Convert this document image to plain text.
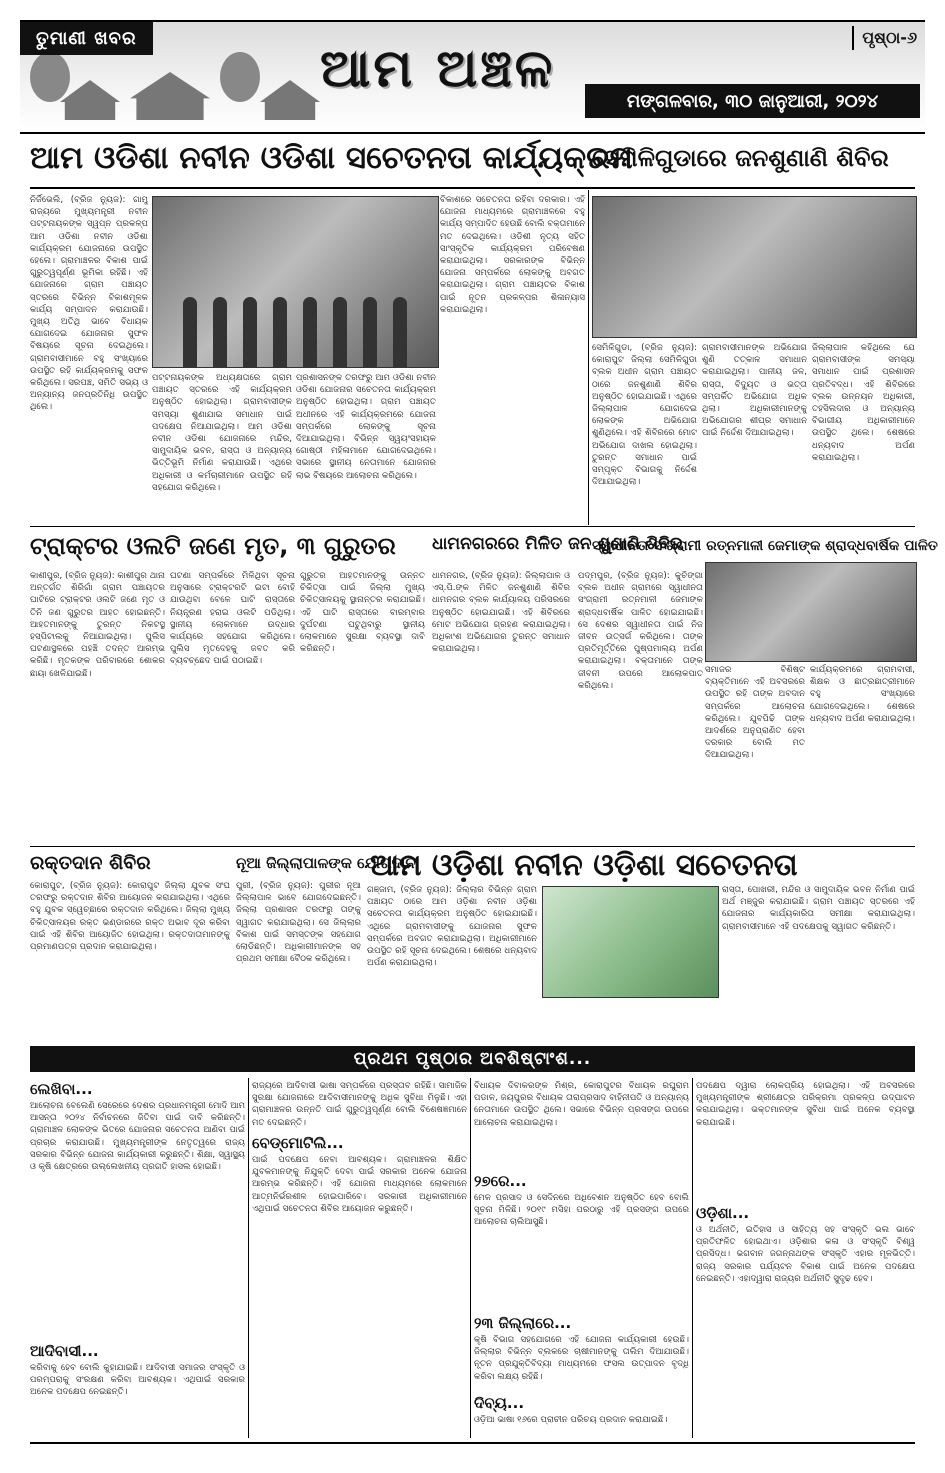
ତୁମାଣୀ ଖବର	ପୃଷ୍ଠା-୬
ଆମ ଅଞ୍ଚଳ
ମଙ୍ଗଳବାର, ୩୦ ଜାନୁଆରୀ, ୨୦୨୪
ଆମ ଓଡିଶା ନବୀନ ଓଡିଶା ସଚେତନତା କାର୍ଯ୍ୟକ୍ରମ
ସେମିଳିଗୁଡାରେ ଜନଶୁଣାଣି ଶିବିର
ନିର୍ଜିଭେଲି, (ବ୍ରିଜ ନ୍ୟୁଜ): ଗାମୁ ରାଜ୍ୟରେ ମୁଖ୍ୟମନ୍ତ୍ରୀ ନବୀନ ପଟ୍ଟନାୟକଙ୍କ ସ୍ୱପ୍ନ ପ୍ରକଳ୍ପ ଆମ ଓଡିଶା ନବୀନ ଓଡିଶା କାର୍ଯ୍ୟକ୍ରମ ଯୋଜନାରେ ଉପସ୍ଥିତ ହେଲେ। ଗ୍ରାମାଞ୍ଚଳର ବିକାଶ ପାଇଁ ଗୁରୁତ୍ୱପୂର୍ଣ୍ଣ ଭୂମିକା ରହିଛି। ଏହି ଯୋଜନାରେ ଗ୍ରାମ ପଞ୍ଚାୟତ ସ୍ତରରେ ବିଭିନ୍ନ ବିକାଶମୂଳକ କାର୍ଯ୍ୟ ସମ୍ପାଦନ କରାଯାଉଛି। ମୁଖ୍ୟ ଅତିଥି ଭାବେ ବିଧାୟକ ଯୋଗଦେଇ ଯୋଜନାର ସୁଫଳ ବିଷୟରେ ସୂଚନା ଦେଇଥିଲେ। ଗ୍ରାମବାସୀମାନେ ବହୁ ସଂଖ୍ୟାରେ ଉପସ୍ଥିତ ରହି କାର୍ଯ୍ୟକ୍ରମକୁ ସଫଳ କରିଥିଲେ। ସରପଞ୍ଚ, ସମିତି ସଭ୍ୟ ଓ ଅନ୍ୟାନ୍ୟ ଜନପ୍ରତିନିଧି ଉପସ୍ଥିତ ଥିଲେ।
ବିକାଶରେ ସଚେତନତା ରହିବା ଦରକାର। ଏହି ଯୋଜନା ମାଧ୍ୟମରେ ଗ୍ରାମାଞ୍ଚଳରେ ବହୁ କାର୍ଯ୍ୟ ସମ୍ପାଦିତ ହେଉଛି ବୋଲି ବକ୍ତାମାନେ ମତ ଦେଇଥିଲେ। ଓଡିଶୀ ନୃତ୍ୟ ସହିତ ସାଂସ୍କୃତିକ କାର୍ଯ୍ୟକ୍ରମ ପରିବେଷଣ କରାଯାଇଥିଲା। ସରକାରଙ୍କ ବିଭିନ୍ନ ଯୋଜନା ସମ୍ପର୍କରେ ଲୋକଙ୍କୁ ଅବଗତ କରାଯାଇଥିଲା। ଗ୍ରାମ ପଞ୍ଚାୟତର ବିକାଶ ପାଇଁ ନୂତନ ପ୍ରକଳ୍ପର ଶିଳାନ୍ୟାସ କରାଯାଇଥିଲା।
ପଟ୍ଟନାୟକଙ୍କ ଅଧ୍ୟକ୍ଷତାରେ ଗ୍ରାମ ପଞ୍ଚାୟତ ସ୍ତରରେ ଏହି କାର୍ଯ୍ୟକ୍ରମ ଅନୁଷ୍ଠିତ ହୋଇଥିଲା। ଗ୍ରାମବାସୀଙ୍କ ସମସ୍ୟା ଶୁଣାଯାଇ ସମାଧାନ ପାଇଁ ପଦକ୍ଷେପ ନିଆଯାଇଥିଲା। ଆମ ଓଡିଶା ନବୀନ ଓଡିଶା ଯୋଜନାରେ ମନ୍ଦିର, ସାମୁଦାୟିକ ଭବନ, ରାସ୍ତା ଓ ଅନ୍ୟାନ୍ୟ ଭିତ୍ତିଭୂମି ନିର୍ମାଣ କରାଯାଉଛି। ଏଥିରେ ଅଧିକାରୀ ଓ କର୍ମଚାରୀମାନେ ଉପସ୍ଥିତ ରହି ସହଯୋଗ କରିଥିଲେ।
ପ୍ରଶାସନଙ୍କ ତରଫରୁ ଆମ ଓଡିଶା ନବୀନ ଓଡିଶା ଯୋଜନାର ସଚେତନତା କାର୍ଯ୍ୟକ୍ରମ ଅନୁଷ୍ଠିତ ହୋଇଥିଲା। ଗ୍ରାମ ପଞ୍ଚାୟତ ଅଧୀନରେ ଏହି କାର୍ଯ୍ୟକ୍ରମରେ ଯୋଜନା ସମ୍ପର୍କରେ ଲୋକଙ୍କୁ ସୂଚନା ଦିଆଯାଇଥିଲା। ବିଭିନ୍ନ ସ୍ୱୟଂସହାୟକ ଗୋଷ୍ଠୀ ମହିଳାମାନେ ଯୋଗଦେଇଥିଲେ। ସଭାରେ ସ୍ଥାନୀୟ ନେତାମାନେ ଯୋଜନାର ଲାଭ ବିଷୟରେ ଆଲୋଚନା କରିଥିଲେ।
ସେମିଳିଗୁଡା, (ବ୍ରିଜ ନ୍ୟୁଜ): କୋରାପୁଟ ଜିଲ୍ଲା ସେମିଳିଗୁଡା ବ୍ଲକ ଅଧୀନ ଗ୍ରାମ ପଞ୍ଚାୟତ ଠାରେ ଜନଶୁଣାଣି ଶିବିର ଅନୁଷ୍ଠିତ ହୋଇଯାଇଛି। ଏଥିରେ ଜିଲ୍ଲାପାଳ ଯୋଗଦେଇ ଲୋକଙ୍କ ଅଭିଯୋଗ ଶୁଣିଥିଲେ। ଏହି ଶିବିରରେ ମୋଟ ଅଭିଯୋଗ ଦାଖଲ ହୋଇଥିଲା। ତୁରନ୍ତ ସମାଧାନ ପାଇଁ ସମ୍ପୃକ୍ତ ବିଭାଗକୁ ନିର୍ଦ୍ଦେଶ ଦିଆଯାଇଥିଲା।
ଗ୍ରାମବାସୀମାନଙ୍କ ଅଭିଯୋଗ ଶୁଣି ତତ୍କାଳ ସମାଧାନ କରାଯାଇଥିଲା। ପାନୀୟ ଜଳ, ରାସ୍ତା, ବିଦ୍ୟୁତ ଓ ଭତ୍ତା ସମ୍ପର୍କିତ ଅଭିଯୋଗ ଅଧିକ ଥିଲା। ଅଧିକାରୀମାନଙ୍କୁ ଅଭିଯୋଗର ଶୀଘ୍ର ସମାଧାନ ପାଇଁ ନିର୍ଦ୍ଦେଶ ଦିଆଯାଇଥିଲା।
ଜିଲ୍ଲାପାଳ କହିଥିଲେ ଯେ ଗ୍ରାମବାସୀଙ୍କ ସମସ୍ୟା ସମାଧାନ ପାଇଁ ପ୍ରଶାସନ ପ୍ରତିବଦ୍ଧ। ଏହି ଶିବିରରେ ବ୍ଲକ ଉନ୍ନୟନ ଅଧିକାରୀ, ତହସିଲଦାର ଓ ଅନ୍ୟାନ୍ୟ ବିଭାଗୀୟ ଅଧିକାରୀମାନେ ଉପସ୍ଥିତ ଥିଲେ। ଶେଷରେ ଧନ୍ୟବାଦ ଅର୍ପଣ କରାଯାଇଥିଲା।
ଟ୍ରାକ୍ଟର ଓଲଟି ଜଣେ ମୃତ, ୩ ଗୁରୁତର
କାଶୀପୁର, (ବ୍ରିଜ ନ୍ୟୁଜ): କାଶୀପୁର ଥାନା ଅନ୍ତର୍ଗତ ଶିରିଗାଁ ଗ୍ରାମ ପଞ୍ଚାୟତର ଘାଟିରେ ଟ୍ରାକ୍ଟର ଓଲଟି ଜଣେ ମୃତ ଓ ତିନି ଜଣ ଗୁରୁତର ଆହତ ହୋଇଛନ୍ତି। ଆହତମାନଙ୍କୁ ତୁରନ୍ତ ନିକଟସ୍ଥ ହସ୍ପିଟାଲକୁ ନିଆଯାଇଥିଲା। ପୁଲିସ ଘଟଣାସ୍ଥଳରେ ପହଞ୍ଚି ତଦନ୍ତ ଆରମ୍ଭ କରିଛି। ମୃତକଙ୍କ ପରିବାରରେ ଶୋକର ଛାୟା ଖେଳିଯାଇଛି।
ଘଟଣା ସମ୍ପର୍କରେ ମିଳିଥିବା ସୂଚନା ଅନୁସାରେ ଟ୍ରାକ୍ଟରଟି ଇଟା ବୋହି ଯାଉଥିବା ବେଳେ ଘାଟି ରାସ୍ତାରେ ନିୟନ୍ତ୍ରଣ ହରାଇ ଓଲଟି ପଡିଥିଲା। ସ୍ଥାନୀୟ ଲୋକମାନେ ଉଦ୍ଧାର କାର୍ଯ୍ୟରେ ସହଯୋଗ କରିଥିଲେ। ପୁଲିସ ମୃତଦେହକୁ ଜବତ କରି ବ୍ୟବଚ୍ଛେଦ ପାଇଁ ପଠାଇଛି।
ଗୁରୁତର ଆହତମାନଙ୍କୁ ଉନ୍ନତ ଚିକିତ୍ସା ପାଇଁ ଜିଲ୍ଲା ମୁଖ୍ୟ ଚିକିତ୍ସାଳୟକୁ ସ୍ଥାନାନ୍ତର କରାଯାଇଛି। ଏହି ଘାଟି ରାସ୍ତାରେ ବାରମ୍ବାର ଦୁର୍ଘଟଣା ଘଟୁଥିବାରୁ ସ୍ଥାନୀୟ ଲୋକମାନେ ସୁରକ୍ଷା ବ୍ୟବସ୍ଥା ଦାବି କରିଛନ୍ତି।
ଧାମନଗରରେ ମିଳିତ ଜନ ଶୁଣାଣି ଶିବିର
ଧାମନଗର, (ବ୍ରିଜ ନ୍ୟୁଜ): ଜିଲ୍ଲାପାଳ ଓ ଏସ୍.ପି.ଙ୍କ ମିଳିତ ଜନଶୁଣାଣି ଶିବିର ଧାମନଗର ବ୍ଲକ କାର୍ଯ୍ୟାଳୟ ପରିସରରେ ଅନୁଷ୍ଠିତ ହୋଇଯାଇଛି। ଏହି ଶିବିରରେ ମୋଟ ଅଭିଯୋଗ ଗ୍ରହଣ କରାଯାଇଥିଲା। ଅଧିକାଂଶ ଅଭିଯୋଗର ତୁରନ୍ତ ସମାଧାନ କରାଯାଇଥିଲା।
ସ୍ୱାଧୀନତା ସଂଗ୍ରାମୀ ରତ୍ନମାଳୀ ଜେମାଙ୍କ ଶ୍ରାଦ୍ଧବାର୍ଷିକ ପାଳିତ
ପଦ୍ମପୁର, (ବ୍ରିଜ ନ୍ୟୁଜ): କୁଚିଙ୍ଗା ବ୍ଲକ ଅଧୀନ ଗ୍ରାମରେ ସ୍ୱାଧୀନତା ସଂଗ୍ରାମୀ ରତ୍ନମାଳୀ ଜେମାଙ୍କ ଶ୍ରାଦ୍ଧବାର୍ଷିକ ପାଳିତ ହୋଇଯାଇଛି। ସେ ଦେଶର ସ୍ୱାଧୀନତା ପାଇଁ ନିଜ ଜୀବନ ଉତ୍ସର୍ଗ କରିଥିଲେ। ତାଙ୍କ ପ୍ରତିମୂର୍ତ୍ତିରେ ପୁଷ୍ପମାଲ୍ୟ ଅର୍ପଣ କରାଯାଇଥିଲା। ବକ୍ତାମାନେ ତାଙ୍କ ଜୀବନୀ ଉପରେ ଆଲୋକପାତ କରିଥିଲେ।
ସମାଜର ବିଶିଷ୍ଟ ବ୍ୟକ୍ତିମାନେ ଏହି ଅବସରରେ ଉପସ୍ଥିତ ରହି ତାଙ୍କ ଅବଦାନ ସମ୍ପର୍କରେ ଆଲୋଚନା କରିଥିଲେ। ଯୁବପିଢି ତାଙ୍କ ଆଦର୍ଶରେ ଅନୁପ୍ରାଣିତ ହେବା ଦରକାର ବୋଲି ମତ ଦିଆଯାଇଥିଲା।
କାର୍ଯ୍ୟକ୍ରମରେ ଗ୍ରାମବାସୀ, ଶିକ୍ଷକ ଓ ଛାତ୍ରଛାତ୍ରୀମାନେ ବହୁ ସଂଖ୍ୟାରେ ଯୋଗଦେଇଥିଲେ। ଶେଷରେ ଧନ୍ୟବାଦ ଅର୍ପଣ କରାଯାଇଥିଲା।
ରକ୍ତଦାନ ଶିବିର
କୋରାପୁଟ, (ବ୍ରିଜ ନ୍ୟୁଜ): କୋରାପୁଟ ଜିଲ୍ଲା ଯୁବକ ସଂଘ ତରଫରୁ ରକ୍ତଦାନ ଶିବିର ଆୟୋଜନ କରାଯାଇଥିଲା। ଏଥିରେ ବହୁ ଯୁବକ ସ୍ୱେଚ୍ଛାରେ ରକ୍ତଦାନ କରିଥିଲେ। ଜିଲ୍ଲା ମୁଖ୍ୟ ଚିକିତ୍ସାଳୟର ରକ୍ତ ଭଣ୍ଡାରରେ ରକ୍ତ ଅଭାବ ଦୂର କରିବା ପାଇଁ ଏହି ଶିବିର ଆୟୋଜିତ ହୋଇଥିଲା। ରକ୍ତଦାତାମାନଙ୍କୁ ପ୍ରମାଣପତ୍ର ପ୍ରଦାନ କରାଯାଇଥିଲା।
ନୂଆ ଜିଲ୍ଲାପାଳଙ୍କ ଯୋଗଦାନ
ପୁରୀ, (ବ୍ରିଜ ନ୍ୟୁଜ): ପୁରୀର ନୂଆ ଜିଲ୍ଲାପାଳ ଭାବେ ଯୋଗଦେଇଛନ୍ତି। ଜିଲ୍ଲା ପ୍ରଶାସନ ତରଫରୁ ତାଙ୍କୁ ସ୍ୱାଗତ କରାଯାଇଥିଲା। ସେ ଜିଲ୍ଲାର ବିକାଶ ପାଇଁ ସମସ୍ତଙ୍କ ସହଯୋଗ ଲୋଡିଛନ୍ତି। ଅଧିକାରୀମାନଙ୍କ ସହ ପ୍ରଥମ ସମୀକ୍ଷା ବୈଠକ କରିଥିଲେ।
ଆମ ଓଡ଼ିଶା ନବୀନ ଓଡ଼ିଶା ସଚେତନତା
ଗଞ୍ଜାମ, (ବ୍ରିଜ ନ୍ୟୁଜ): ଜିଲ୍ଲାର ବିଭିନ୍ନ ଗ୍ରାମ ପଞ୍ଚାୟତ ଠାରେ ଆମ ଓଡ଼ିଶା ନବୀନ ଓଡ଼ିଶା ସଚେତନତା କାର୍ଯ୍ୟକ୍ରମ ଅନୁଷ୍ଠିତ ହୋଇଯାଇଛି। ଏଥିରେ ଗ୍ରାମବାସୀଙ୍କୁ ଯୋଜନାର ସୁଫଳ ସମ୍ପର୍କରେ ଅବଗତ କରାଯାଇଥିଲା। ଅଧିକାରୀମାନେ ଉପସ୍ଥିତ ରହି ସୂଚନା ଦେଇଥିଲେ। ଶେଷରେ ଧନ୍ୟବାଦ ଅର୍ପଣ କରାଯାଇଥିଲା।
ରାସ୍ତା, ପୋଖରୀ, ମନ୍ଦିର ଓ ସାମୁଦାୟିକ ଭବନ ନିର୍ମାଣ ପାଇଁ ଅର୍ଥ ମଞ୍ଜୁର କରାଯାଇଛି। ଗ୍ରାମ ପଞ୍ଚାୟତ ସ୍ତରରେ ଏହି ଯୋଜନାର କାର୍ଯ୍ୟକାରିତା ସମୀକ୍ଷା କରାଯାଇଥିଲା। ଗ୍ରାମବାସୀମାନେ ଏହି ପଦକ୍ଷେପକୁ ସ୍ୱାଗତ କରିଛନ୍ତି।
ପ୍ରଥମ ପୃଷ୍ଠାର ଅବଶିଷ୍ଟାଂଶ...
ଲେଖିବା...
ଆଲୋଚନା ବେଲେଣି ସେରେରେ ଦେଶର ପ୍ରଧାନମନ୍ତ୍ରୀ ମୋଦି ଆମ ଆସନ୍ତା ୨୦୨୪ ନିର୍ବାଚନରେ ଜିତିବା ପାଇଁ ଦାବି କରିଛନ୍ତି। ଗ୍ରାମାଞ୍ଚଳ ଲୋକଙ୍କ ଭିତରେ ଯୋଜନାର ସଚେତନତା ଆଣିବା ପାଇଁ ପ୍ରଚାର କରାଯାଉଛି। ମୁଖ୍ୟମନ୍ତ୍ରୀଙ୍କ ନେତୃତ୍ୱରେ ରାଜ୍ୟ ସରକାର ବିଭିନ୍ନ ଯୋଜନା କାର୍ଯ୍ୟକାରୀ କରୁଛନ୍ତି। ଶିକ୍ଷା, ସ୍ୱାସ୍ଥ୍ୟ ଓ କୃଷି କ୍ଷେତ୍ରରେ ଉଲ୍ଲେଖନୀୟ ପ୍ରଗତି ହାସଲ ହୋଇଛି।
ଆଦିବାସୀ...
କରିବାକୁ ହେବ ବୋଲି କୁହାଯାଇଛି। ଆଦିବାସୀ ସମାଜର ସଂସ୍କୃତି ଓ ପରମ୍ପରାକୁ ସଂରକ୍ଷଣ କରିବା ଆବଶ୍ୟକ। ଏଥିପାଇଁ ସରକାର ଅନେକ ପଦକ୍ଷେପ ନେଇଛନ୍ତି।
ରାଜ୍ୟରେ ଆଦିବାସୀ ଭାଷା ସମ୍ପର୍କରେ ପ୍ରସ୍ତାବ ରହିଛି। ସାମାଜିକ ସୁରକ୍ଷା ଯୋଜନାରେ ଆଦିବାସୀମାନଙ୍କୁ ଅଧିକ ସୁବିଧା ମିଳୁଛି। ଏହା ଗ୍ରାମାଞ୍ଚଳର ଉନ୍ନତି ପାଇଁ ଗୁରୁତ୍ୱପୂର୍ଣ୍ଣ ବୋଲି ବିଶେଷଜ୍ଞମାନେ ମତ ଦେଇଛନ୍ତି।
ବେଡ୍‌ମୋଟିଲି...
ପାଇଁ ପଦକ୍ଷେପ ନେବା ଆବଶ୍ୟକ। ଗ୍ରାମାଞ୍ଚଳର ଶିକ୍ଷିତ ଯୁବକମାନଙ୍କୁ ନିଯୁକ୍ତି ଦେବା ପାଇଁ ସରକାର ଅନେକ ଯୋଜନା ଆରମ୍ଭ କରିଛନ୍ତି। ଏହି ଯୋଜନା ମାଧ୍ୟମରେ ଲୋକମାନେ ଆତ୍ମନିର୍ଭରଶୀଳ ହୋଇପାରିବେ। ସରକାରୀ ଅଧିକାରୀମାନେ ଏଥିପାଇଁ ସଚେତନତା ଶିବିର ଆୟୋଜନ କରୁଛନ୍ତି।
ବିଧାୟକ ଦିବାକରଙ୍କ ମିଶ୍ର, କୋରାପୁଟର ବିଧାୟକ ରଘୁରାମ ପଡାଳ, ଜୟପୁରର ବିଧାୟକ ତାରାପ୍ରସାଦ ବାହିନୀପତି ଓ ଅନ୍ୟାନ୍ୟ ନେତାମାନେ ଉପସ୍ଥିତ ଥିଲେ। ସଭାରେ ବିଭିନ୍ନ ପ୍ରସଙ୍ଗ ଉପରେ ଆଲୋଚନା କରାଯାଇଥିଲା।
୨୭ରେ...
ମେଳ ପ୍ରସାଦ ଓ ସେଦିନରେ ଅଧିବେଶନ ଅନୁଷ୍ଠିତ ହେବ ବୋଲି ସୂଚନା ମିଳିଛି। ୨୦୧୯ ମସିହା ପରଠାରୁ ଏହି ପ୍ରସଙ୍ଗ ଉପରେ ଆଲୋଚନା ଚାଲିଆସୁଛି।
୨୩ ଜିଲ୍ଲାରେ...
କୃଷି ବିଭାଗ ସହଯୋଗରେ ଏହି ଯୋଜନା କାର୍ଯ୍ୟକାରୀ ହେଉଛି। ଜିଲ୍ଲାର ବିଭିନ୍ନ ବ୍ଲକରେ ଚାଷୀମାନଙ୍କୁ ତାଲିମ ଦିଆଯାଉଛି। ନୂତନ ପ୍ରଯୁକ୍ତିବିଦ୍ୟା ମାଧ୍ୟମରେ ଫସଲ ଉତ୍ପାଦନ ବୃଦ୍ଧି କରିବା ଲକ୍ଷ୍ୟ ରହିଛି।
ଦିବ୍ୟ...
ଓଡ଼ିଆ ଭାଷା ୧୬ରେ ପ୍ରାଚୀନ ପରିଚୟ ପ୍ରଦାନ କରାଯାଇଛି।
ପଦକ୍ଷେପ ଦ୍ୱାରା ଲୋକପ୍ରିୟ ହୋଇଥିଲା। ଏହି ଅବସରରେ ମୁଖ୍ୟମନ୍ତ୍ରୀଙ୍କ ଶ୍ରୀକ୍ଷେତ୍ର ପରିକ୍ରମା ପ୍ରକଳ୍ପ ଉଦ୍‌ଘାଟନ କରାଯାଇଥିଲା। ଭକ୍ତମାନଙ୍କ ସୁବିଧା ପାଇଁ ଅନେକ ବ୍ୟବସ୍ଥା କରାଯାଇଛି।
ଓଡ଼ିଶା...
ଓ ଅର୍ଥନୀତି, ଇତିହାସ ଓ ସାହିତ୍ୟ ସହ ସଂସ୍କୃତି ଭଲ ଭାବେ ପ୍ରତିଫଳିତ ହୋଇଥାଏ। ଓଡ଼ିଶାର କଳା ଓ ସଂସ୍କୃତି ବିଶ୍ୱ ପ୍ରସିଦ୍ଧ। ଭଗବାନ ଜଗନ୍ନାଥଙ୍କ ସଂସ୍କୃତି ଏହାର ମୂଳଭିତ୍ତି। ରାଜ୍ୟ ସରକାର ପର୍ଯ୍ୟଟନ ବିକାଶ ପାଇଁ ଅନେକ ପଦକ୍ଷେପ ନେଇଛନ୍ତି। ଏହାଦ୍ୱାରା ରାଜ୍ୟର ଅର୍ଥନୀତି ସୁଦୃଢ ହେବ।
